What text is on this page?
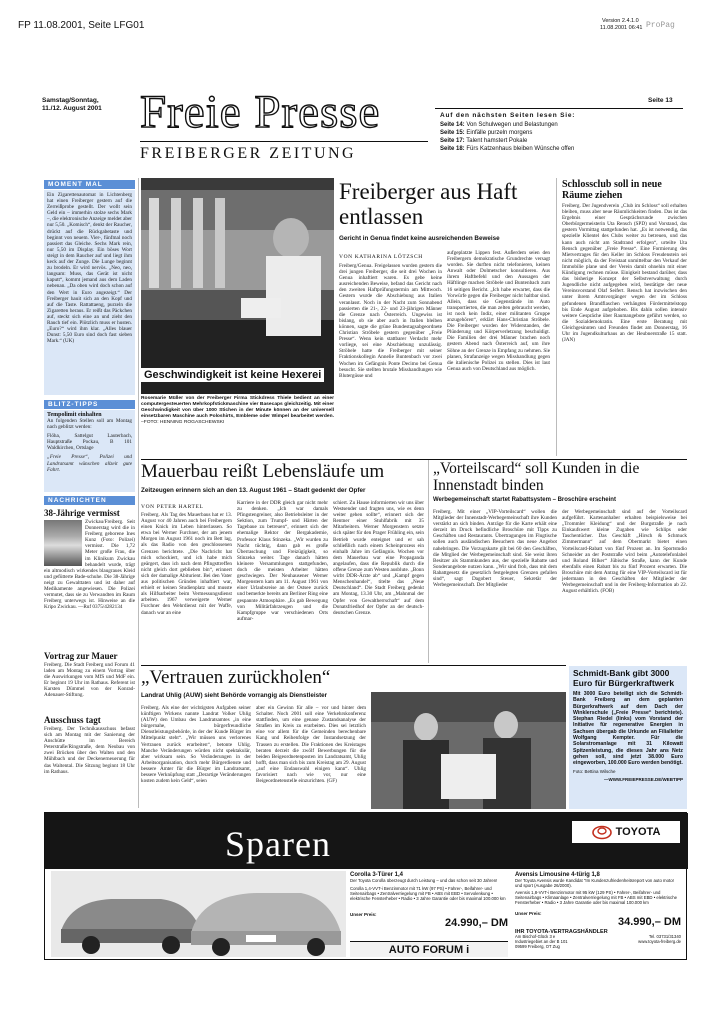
FP 11.08.2001, Seite LFG01	Version 2.4.1.0
11.08.2001 06:41 ProPag
Samstag/Sonntag,
11./12. August 2001 Freie Presse
FREIBERGER ZEITUNG
Seite 13
Auf den nächsten Seiten lesen Sie:
Seite 14: Von Schulwegen und Belastungen
Seite 15: Einfälle purzeln morgens
Seite 17: Talent hamstert Pokale
Seite 18: Fürs Katzenhaus bleiben Wünsche offen
MOMENT MAL
Ein Zigarettenautomat in Lichtenberg hat einen Freiberger gestern auf die Zerreißprobe gestellt. Der wollt sein Geld ein – immerhin stolze sechs Mark –, die elektronische Anzeige meldet aber nur 5,50. „Komisch“, denkt der Raucher, drückt auf die Rückgabetaste und beginnt von neuem. Vier-, fünfmal noch passiert das Gleiche. Sechs Mark rein, nur 5,50 im Display. Ein böses Wort steigt in dem Raucher auf und liegt ihm keck auf der Zunge. Die Lunge beginnt zu brodeln. Er wird nervös. „Neo, neo, langsam: Muss, das Gerät ist nicht kaputt“, kommt jemand aus dem Laden nebenan. „Da oben wird doch schon auf den Wert in Euro angezeigt.“ Der Freiberger hauit sich an den Kopf und auf die Taste. Rattattaeng, purzeln die Zigaretten heraus. Er reißt das Päckchen auf, steckt sich eine an und zieht den Rauch tief ein. Plötzlich muss er husten. „Euro?“ wird ihm klar. „Alles blauer Dunst: 5,50 Euro sind doch fast sieben Mark.“ (UK)
BLITZ-TIPPS
Tempolimit einhalten
An folgenden Stellen soll am Montag nach geblitzt werden:
Flöha, Sattelgut Lauterbach, Hauptstraße Pockau, B 101 Waldkirchen, Ortslage
„Freie Presse“, Polizei und Landratsamt wünschen allzeit gute Fahrt.
NACHRICHTEN
38-Jährige vermisst
Zwickau/Freiberg. Seit Donnerstag wird die in Freiberg geborene Ines Kunz (Foto: Polizei) vermisst. Die 1,72 Meter große Frau, die im Klinikum Zwickau behandelt wurde, trägt ein altmodisch wirkendes blaugraues Kleid und gefütterte Bade-schuhe. Die 38-Jährige neigt zu Gewalttaten und ist daher auf Medikamente angewiesen. Die Polizei vermutet, dass sie zu Verwandten im Raum Freiberg unterwegs ist. Hinweise an die Kripo Zwickau. —Ruf 0375/4282134
Vortrag zur Mauer
Freiberg. Die Stadt Freiberg und Forum 41 laden am Montag zu einem Vortrag über die Auswirkungen vom MfS und MdF ein. Er beginnt 19 Uhr im Rathaus. Referent ist Karsten Dümmel von der Konrad-Adenauer-Stiftung.
Ausschuss tagt
Freiberg. Der Technikausschuss befasst sich am Montag mit der Sanierung der Anschütte im Bereich Peterstraße/Ringstraße, dem Neubau von zwei Brücken über den Walten und den Mühlbach und der Deckenerneuerung für das Waltental. Die Sitzung beginnt 18 Uhr im Rathaus.
Geschwindigkeit ist keine Hexerei
Rosemarie Müller von der Freiberger Firma Stickdress Thiele bedient an einer computergesteuerten Mehrkopfstickmaschine vier Basecaps gleichzeitig. Mit einer Geschwindigkeit von über 1000 Stichen in der Minute können an der universell einsetzbaren Maschine auch Poloshirts, Embleme oder Wimpel bearbeitet werden. –FOTO: HENNING ROGASCHEWSKI
Freiberger aus Haft entlassen
Gericht in Genua findet keine ausreichenden Beweise
VON KATHARINA LÖTZSCH
Freiberg/Genua. Freigelassen wurden gestern die drei jungen Freiberger, die seit drei Wochen in Genua inhaftiert waren. Es gebe keine ausreichenden Beweise, befand das Gericht nach den zweiten Haftprüfungstermin am Mittwoch. Gestern wurde die Abschiebung aus Italien veranlasst. Noch in der Nacht zum Sonnabend passierten die 21-, 22- und 23-jährigen Männer die Grenze nach Österreich. Ungewiss ist bislang, ob sie aber auch in Italien bleiben können, sagte die grüne Bundestagsabgeordnete Christian Ströbele gestern gegenüber „Freie Presse“. Wenn kein stattbarer Verdacht mehr vorliege, sei eine Abschiebung unzulässig. Ströbele hatte die Freiberger mit seiner Fraktionskollegin Annelie Buntenbach vor zwei Wochen im Gefängnis Ponte Decimo bei Genua besucht. Sie stellten brutale Misshandlungen wie Blutergüsse und
aufgeplatzte Lippen fest. Außerdem seien den Freibergern demokratische Grundrechte versagt worden. Sie durften nicht telefonieren, keinen Anwalt oder Dolmetscher konsultieren. Aus ihrem Haftbefehl und den Aussagen der Häftlinge machen Ströbele und Buntenbach zum 16 seitigen Bericht. „Ich habe erwartet, dass die Vorwürfe gegen die Freiberger nicht haltbar sind. Allein, dass sie Gegenstände im Auto transportierten, die man zelten gebraucht werden, ist noch kein Indiz, einer militanten Gruppe anzugehören“, erklärt Hans-Christian Ströbele. Die Freiberger wurden der Widerstanden, der Plünderung und Körperverletzung beschuldigt. Die Familien der drei Männer brachen noch gestern Abend nach Österreich auf, um ihre Söhne an der Grenze in Empfang zu nehmen. Sie planen, Strafanzeige wegen Misshandlung gegen die italienische Polizei zu stellen. Dies ist laut Genua auch von Deutschland aus möglich.
Schlossclub soll in neue Räume ziehen
Freiberg. Der Jugendverein „Club im Schloss“ soll erhalten bleiben, muss aber neue Räumlichkeiten finden. Das ist das Ergebnis einer Gesprächsrunde zwischen Oberbürgermeisterin Uta Rensch (SPD) und Vorstand, das gestern Vormittag stattgefunden hat. „Es ist notwendig, das spezielle Klientel des Clubs weiter zu betreuen, und das kann auch nicht am Stadtrand erfolgen“, urteilte Uta Rensch gegenüber „Freie Presse“. Eine Formierung des Mietvertrages für den Keller im Schloss Freudenstein sei nicht möglich, da der Freistaat unmittelbar den Verkauf der Immobilie plane und der Verein damit ohnehin mit einer Kündigung rechnen müsse. Einigkeit bestand darüber, dass das bisherige Konzept der Selbstverwaltung durch Jugendliche nicht aufgegeben wird, bestätigte der neue Vereinsvorstand Olaf Seifert. Rensch hat inzwischen den unter ihrem Amtsvorgänger wegen der im Schloss gefundenen Brandflaschen verhängten Fördermittelstopp bis Ende August aufgehoben. Bis dahin sollen intensiv weitere Gespräche über Raumangebote geführt werden, so die Sozialdemokratin. Eine erste Beratung mit Gleichgesinnten und Freunden findet am Donnerstag, 16 Uhr im Jugendkulturhaus an der Heubnerstraße 15 statt. (JAN)
Mauerbau reißt Lebensläufe um
Zeitzeugen erinnern sich an den 13. August 1961 – Stadt gedenkt der Opfer
VON PETER HARTEL
Freiberg. Als Tag des Mauerbaus hat er 13. August vor 40 Jahren auch bei Freibergern einen Knick im Leben hinterlassen. So etwa bei Werner Furchner, der am jenem Morgen im August 1961 noch im Bett lag, als das Radio von den geschlossenen Grenzen berichtete. „Die Nachricht hat mich schockiert, und ich habe mich geärgert, dass ich nach dem Pfingsttreffen nicht gleich dort geblieben bin“, erinnert sich der damalige Abiturient. Bei den Vater aus politischen Gründen inhaftiert war, erhielt er keinen Studienplatz und musste als Hilfsarbeiter beim Vermessungsdienst arbeiten. 1967 verweigerte Werner Furchner den Wehrdienst mit der Waffe, danach war an eine
Karriere in der DDR gleich gar nicht mehr zu denken. „Ich war damals Pfingstengreiner, also Betriebsleiter in der Sektion, zum Trumpf- und Härten der Tagebaue zu betreuen“, erinnert sich der ehemalige Rektor der Bergakademie, Professor Klaus Stinzeka. „Wir wurden zu Nacht tüchtig, dann gab es große Überraschung und Freizügigkeit, so Stinzeka weiter. Tage danach hätten kleinere Versammlungen stattgefunden, doch die meisten Arbeiter hätten geschwiegen. Der Neuhausener Werner Morgenstern kam am 11. August 1961 von einer Urlaubsreise an der Ostsee zurück und bemerkte bereits am Berliner Ring eine gespannte Atmosphäre. „Es gab Bewegung von Militärfahrzeugen und die Kampfgruppe war verschiedenen Orts aufmar-
schiert. Zu Hause informierten wir uns über Westsender und fragten uns, wie es denn weiter gehen sollte“, erinnert sich der Rentner einer Stuhlfabrik mit 35 Mitarbeitern. Werner Morgenstern setzte sich später für den Prager Frühling ein, sein Betrieb wurde enteignet und er sah schließlich nach einem Scheinprozess ein einhalb Jahre im Gefängnis. Wochen vor dem Mauerbau war eine Propaganda angelaufen, dass die Republik durch die offene Grenze zum Westen ausblute. „Bonn wirbt DDR-Ärzte ab“ und „Kampf gegen Menschenhandel“, titelte das „Neue Deutschland“. Die Stadt Freiberg gedenkt am Montag, 13.30 Uhr, am „Mahnmal der Opfer von Gewaltherrschaft“ auf dem Donatsfriedhof der Opfer an der deutsch-deutschen Grenze.
„Vorteilscard“ soll Kunden in die Innenstadt binden
Werbegemeinschaft startet Rabattsystem – Broschüre erscheint
Freiberg. Mit einer „VIP-Vorteilscard“ wollen die Mitglieder der Innenstadt-Werbegemeinschaft ihre Kunden verstärkt an sich binden. Anträge für die Karte erhält eine derzeit im Druck befindliche Broschüre mit Tipps zu Geschäften und Restaurants. Übertragungen im Flugtische sollen auch ausländischen Besuchern das neue Angebot nahebringen. Die Vorzugskarte gilt bei 60 den Geschäften, die Mitglied der Werbegemeinschaft sind. Sie weist ihren Besitzer als Stammkunden aus, der spezielle Rabatte und Sonderangebote nutzen kann. „Wir sind froh, dass mit dem Rabattgesetz die gesetzlich festgelegten Grenzen gefallen sind“, sagt Dagobert Steuer, Sekretär der Werbegemeinschaft. Der Mitglieder
der Werbegemeinschaft sind auf der Vorteilscard aufgeführt. Kartenanhaber erhalten beispielsweise bei „Trommler Kleidung“ und der Burgstraße je nach Einkaufswert kleine Zugaben wie Schlips oder Taschentücher. Das Geschäft „Hirsch & Schmuck Zimmermann“ auf dem Obermarkt bietet einen Vorteilscard-Rabatt von fünf Prozent an. Im Sportstudio Schneider an der Poststraße wird beim „Autotelefonlabel und Roland Bilker“ Jübische Straße, kann der Kunde ebenfalls einen Rabatt bis zu fünf Prozent erwarten. Die Broschüre mit dem Antrag für eine VIP-Vorteilscard ist für jedermann in den Geschäften der Mitglieder der Werbegemeinschaft und in der Freiberg-Information ab 22. August erhältlich. (FOB)
„Vertrauen zurückholen“
Landrat Uhlig (AUW) sieht Behörde vorrangig als Dienstleister
Freiberg. Als eine der wichtigsten Aufgaben seiner künftigen Wirkens nannte Landrat Volker Uhlig (AUW) den Umbau des Landratsamtes „in eine bürgernahe, bürgerfreundliche Dienstleistungsbehörde, in der der Kunde Bürger im Mittelpunkt steht“. „Wir müssen uns verlorenes Vertrauen zurück erarbeiten“, betonte Uhlig. Manche Veränderungen würden nicht spektakulär, aber wirksam sein. So Veränderungen in der Arbeitsorganisation, durch mehr Bürgerdienste und bessere Ämter für die Bürger im Landratsamt, bessere Verknüpfung statt „Derartige Veränderungen kosten zudem kein Geld“, seien
aber ein Gewinn für alle – vor und hinter dem Schalter. Noch 2001 soll eine Verkehrskonferenz stattfinden, um eine genaue Zustandsanalyse der Straßen im Kreis zu erarbeiten. Dies sei letztlich eine vor allem für die Gemeinden berechenbare Kang und Reihenfolge der Instandsetzung der Trassen zu erstellen. Die Fraktionen des Kreistages beraten derzeit die zwölf Bewerbungen für die beiden Beigeordnetenposten im Landratsamt, Uhlig hofft, dass man sich bis zum Kreistag am 29. August „auf eine Endauswahl einigen kann“. Uhlig favorisiert nach wie vor, nur eine Beigeordnetenstelle einzurichten. (GF)
Schmidt-Bank gibt 3000 Euro für Bürgerkraftwerk
Mit 3000 Euro beteiligt sich die Schmidt-Bank Freiberg an dem geplanten Bürgerkraftwerk auf dem Dach der Winklerschule („Freie Presse“ berichtete). Stephan Riedel (links) vom Vorstand der Initiative für regenerative Energien in Sachsen übergab die Urkunde an Filialleiter Wolfgang Kempter. Für die Solarstromanlage mit 31 Kilowatt Spitzenleistung, die dieses Jahr ans Netz gehen soll, sind jetzt 38.000 Euro eingeworben, 100.000 Euro werden benötigt.
Foto: Bettina Wilsche
—WWW.FREIEPRESSE.DE/WEBTIPP
Sparen	TOYOTA
Corolla 3-Türer 1,4
Der Toyota Corolla überzeugt durch Leistung – und das schon seit 30 Jahren!
Corolla 1,4-VVT-i Benzinmotor mit 71 kW (97 PS) • Fahrer-, Beifahrer- und Seitenairbags • Zentralverriegelung mit FB • ABS mit EBD • Servolenkung • elektrische Fensterheber • Radio • 3 Jahre Garantie oder bis maximal 100.000 km
Unser Preis:
24.990,– DM
AUTO FORUM i
Avensis Limousine 4-türig 1,8
Der Toyota Avensis wurde Kandidat "Im Kundenzufriedenheitsreport von auto motor und sport (Ausgabe 26/2000).
Avensis 1,8-VVT-i Benzinmotor mit 95 kW (129 PS) • Fahrer-, Beifahrer- und Seitenairbags • Klimaanlage • Zentralverriegelung mit FB • ABS mit EBD • elektrische Fensterheber • Radio • 3 Jahre Garantie oder bis maximal 100.000 km
Unser Preis:
34.990,– DM
IHR TOYOTA-VERTRAGSHÄNDLER
Am Bischof-Glück 3 e
Industriegebiet an der B 101
09599 Freiberg, OT Zug
Tel. 03731/31340
www.toyota-freiberg.de
